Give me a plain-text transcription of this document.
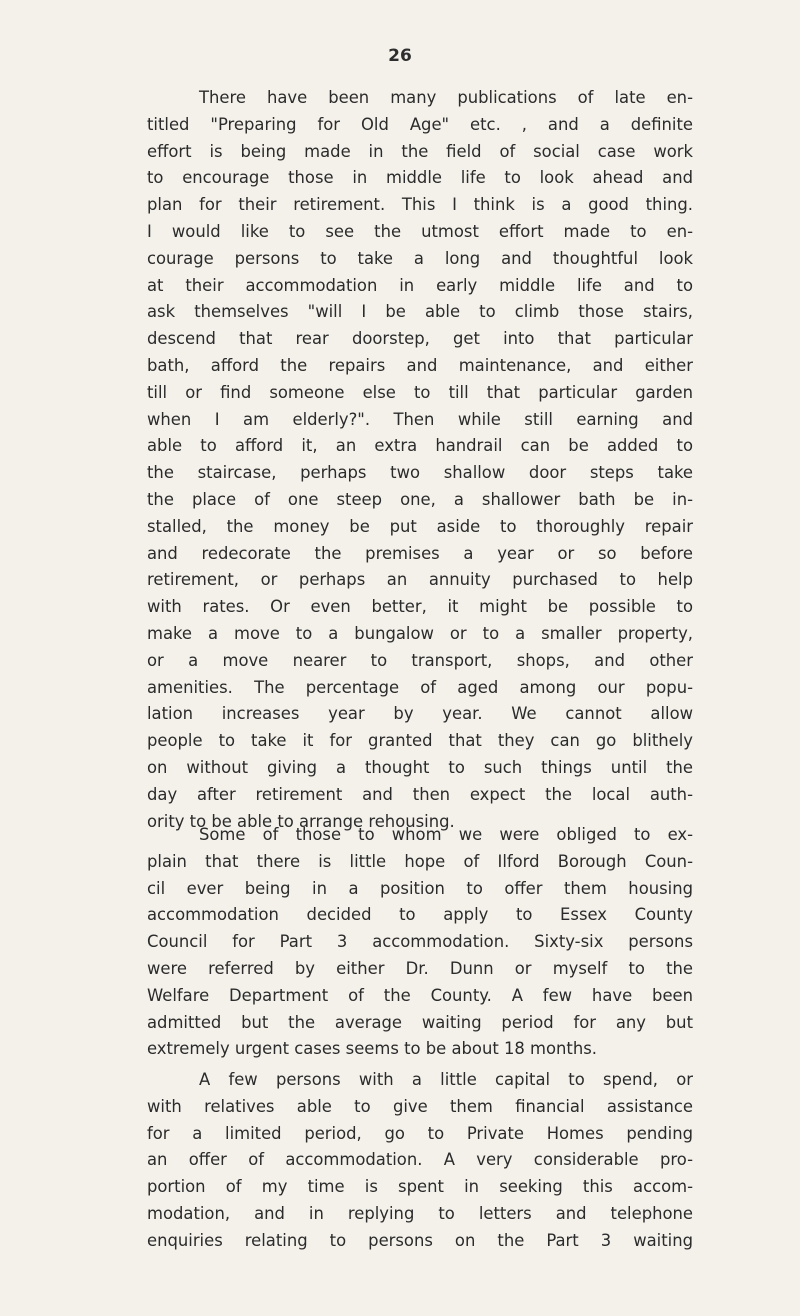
26
There have been many publications of late en-
titled "Preparing for Old Age" etc. , and a definite
effort is being made in the field of social case work
to encourage those in middle life to look ahead and
plan for their retirement. This I think is a good thing.
I would like to see the utmost effort made to en-
courage persons to take a long and thoughtful look
at their accommodation in early middle life and to
ask themselves "will I be able to climb those stairs,
descend that rear doorstep, get into that particular
bath, afford the repairs and maintenance, and either
till or find someone else to till that particular garden
when I am elderly?". Then while still earning and
able to afford it, an extra handrail can be added to
the staircase, perhaps two shallow door steps take
the place of one steep one, a shallower bath be in-
stalled, the money be put aside to thoroughly repair
and redecorate the premises a year or so before
retirement, or perhaps an annuity purchased to help
with rates. Or even better, it might be possible to
make a move to a bungalow or to a smaller property,
or a move nearer to transport, shops, and other
amenities. The percentage of aged among our popu-
lation increases year by year. We cannot allow
people to take it for granted that they can go blithely
on without giving a thought to such things until the
day after retirement and then expect the local auth-
ority to be able to arrange rehousing.
Some of those to whom we were obliged to ex-
plain that there is little hope of Ilford Borough Coun-
cil ever being in a position to offer them housing
accommodation decided to apply to Essex County
Council for Part 3 accommodation. Sixty-six persons
were referred by either Dr. Dunn or myself to the
Welfare Department of the County. A few have been
admitted but the average waiting period for any but
extremely urgent cases seems to be about 18 months.
A few persons with a little capital to spend, or
with relatives able to give them financial assistance
for a limited period, go to Private Homes pending
an offer of accommodation. A very considerable pro-
portion of my time is spent in seeking this accom-
modation, and in replying to letters and telephone
enquiries relating to persons on the Part 3 waiting
